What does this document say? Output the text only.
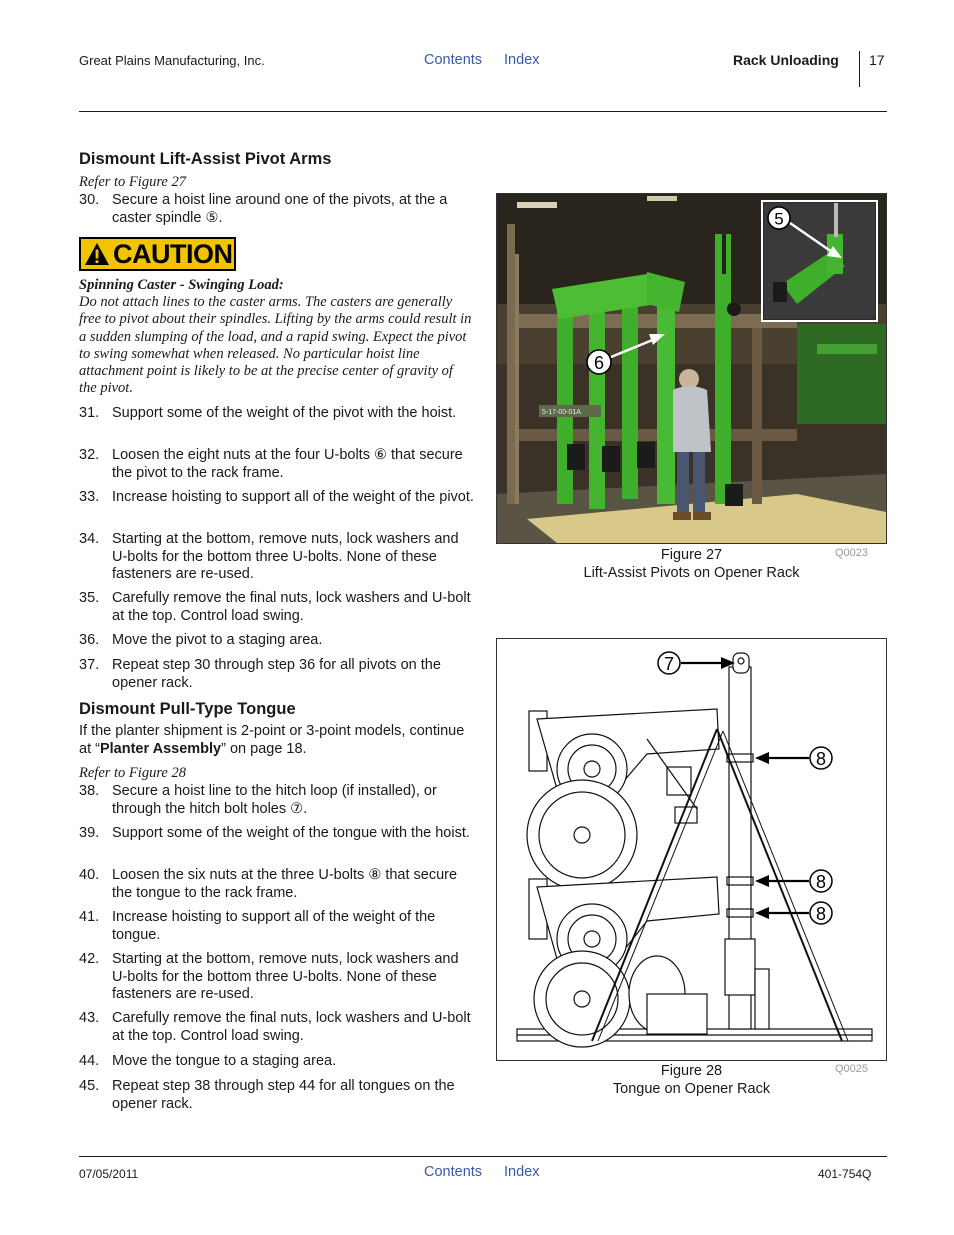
Great Plains Manufacturing, Inc.	Contents Index	Rack Unloading 17
Dismount Lift-Assist Pivot Arms
Refer to Figure 27
30. Secure a hoist line around one of the pivots, at the a caster spindle ⑤.
CAUTION
Spinning Caster - Swinging Load:
Do not attach lines to the caster arms. The casters are generally free to pivot about their spindles. Lifting by the arms could result in a sudden slumping of the load, and a rapid swing. Expect the pivot to swing somewhat when released. No particular hoist line attachment point is likely to be at the precise center of gravity of the pivot.
31. Support some of the weight of the pivot with the hoist.
32. Loosen the eight nuts at the four U-bolts ⑥ that secure the pivot to the rack frame.
33. Increase hoisting to support all of the weight of the pivot.
34. Starting at the bottom, remove nuts, lock washers and U-bolts for the bottom three U-bolts. None of these fasteners are re-used.
35. Carefully remove the final nuts, lock washers and U-bolt at the top. Control load swing.
36. Move the pivot to a staging area.
37. Repeat step 30 through step 36 for all pivots on the opener rack.
Dismount Pull-Type Tongue
If the planter shipment is 2-point or 3-point models, continue at “Planter Assembly” on page 18.
Refer to Figure 28
38. Secure a hoist line to the hitch loop (if installed), or through the hitch bolt holes ⑦.
39. Support some of the weight of the tongue with the hoist.
40. Loosen the six nuts at the three U-bolts ⑧ that secure the tongue to the rack frame.
41. Increase hoisting to support all of the weight of the tongue.
42. Starting at the bottom, remove nuts, lock washers and U-bolts for the bottom three U-bolts. None of these fasteners are re-used.
43. Carefully remove the final nuts, lock washers and U-bolt at the top. Control load swing.
44. Move the tongue to a staging area.
45. Repeat step 38 through step 44 for all tongues on the opener rack.
5-17-00-01A
5
6
Figure 27
Lift-Assist Pivots on Opener Rack
Q0023
7
8
8
8
Figure 28
Tongue on Opener Rack
Q0025
07/05/2011	Contents Index	401-754Q
